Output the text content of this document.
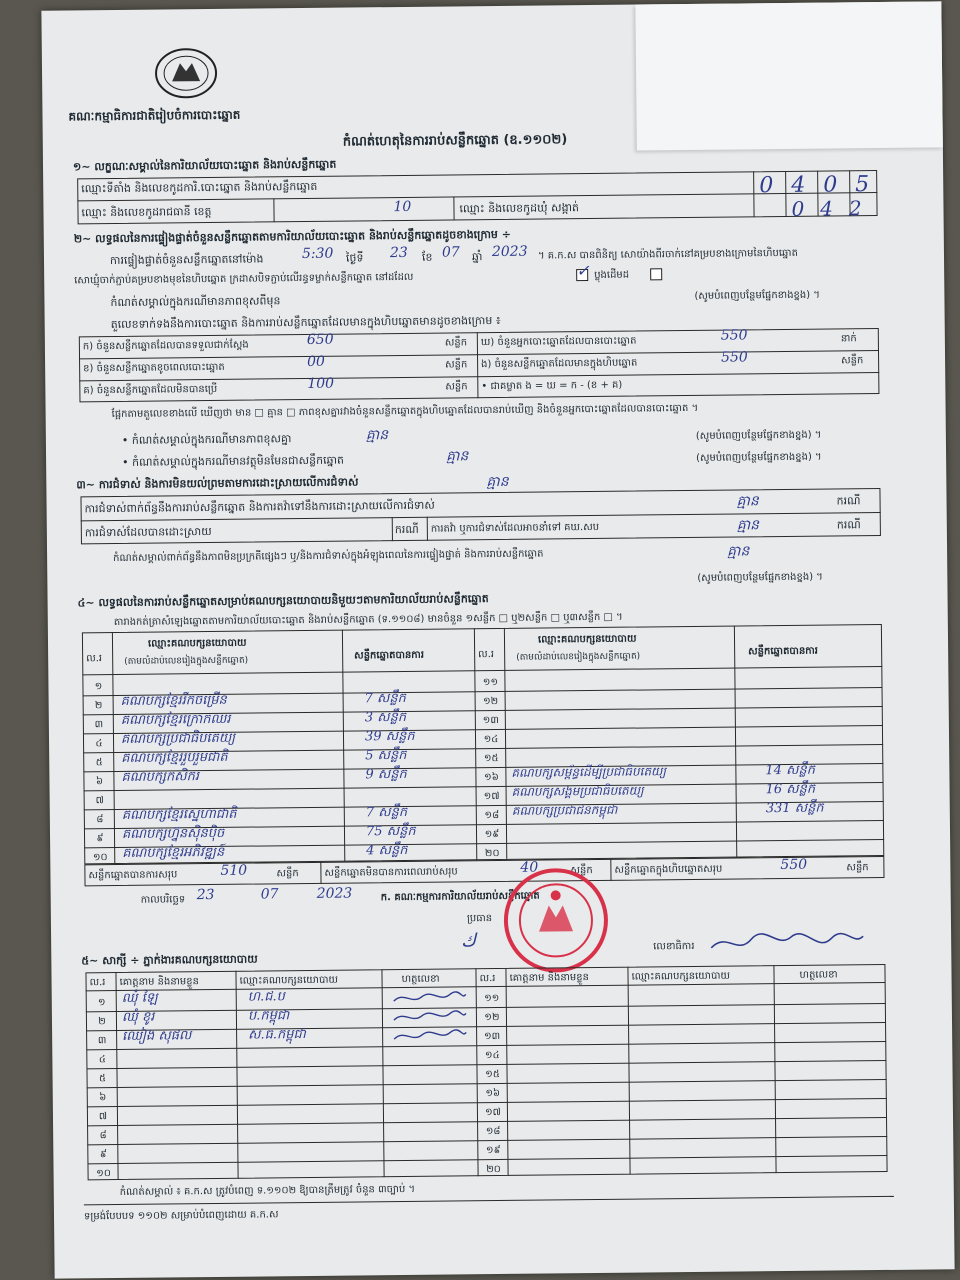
គណៈកម្មាធិការជាតិរៀបចំការបោះឆ្នោត
កំណត់ហេតុនៃការរាប់សន្លឹកឆ្នោត (ឧ.១១០២)
១~ លក្ខណៈសម្គាល់នៃការិយាល័យបោះឆ្នោត និងរាប់សន្លឹកឆ្នោត
ឈ្មោះទីតាំង និងលេខកូដការិ.បោះឆ្នោត និងរាប់សន្លឹកឆ្នោត
ឈ្មោះ និងលេខកូដរាជធានី ខេត្ត	10	ឈ្មោះ និងលេខកូដឃុំ សង្កាត់
0405
042
២~ លទ្ធផលនៃការផ្ទៀងផ្ទាត់ចំនួនសន្លឹកឆ្នោតតាមការិយាល័យបោះឆ្នោត និងរាប់សន្លឹកឆ្នោតដូចខាងក្រោម ÷
ការផ្ទៀងផ្ទាត់ចំនួនសន្លឹកឆ្នោតនៅម៉ោង	5:30 ថ្ងៃទី 23 ខែ 07 ឆ្នាំ 2023 ។ គ.ក.ស បានពិនិត្យ សោយ៉ាងពីរចាក់នៅគម្របខាងក្រោមនៃហិបឆ្នោត
សោឃ្មុំចាក់ភ្ជាប់គម្របខាងមុខនៃហិបឆ្នោត ក្រដាសបិទភ្ជាប់លើរន្ធទម្លាក់សន្លឹកឆ្នោត នៅដដែល	✓ ប្លុងដើមដ
កំណត់សម្គាល់ក្នុងករណីមានភាពខុសពីមុន	(សូមបំពេញបន្ថែមផ្នែកខាងខ្នង) ។
តួលេខទាក់ទងនឹងការបោះឆ្នោត និងការរាប់សន្លឹកឆ្នោតដែលមានក្នុងហិបឆ្នោតមានដូចខាងក្រោម ៖
ក) ចំនួនសន្លឹកឆ្នោតដែលបានទទួលជាក់ស្តែង	650	សន្លឹក ឃ) ចំនួនអ្នកបោះឆ្នោតដែលបានបោះឆ្នោត	550	នាក់
ខ) ចំនួនសន្លឹកឆ្នោតខូចពេលបោះឆ្នោត	00	សន្លឹក ង) ចំនួនសន្លឹកឆ្នោតដែលមានក្នុងហិបឆ្នោត	550	សន្លឹក
គ) ចំនួនសន្លឹកឆ្នោតដែលមិនបានប្រើ	100	សន្លឹក • ជាគម្លាត ង = ឃ = ក - (ខ + គ)
ផ្អែកតាមតួលេខខាងលើ ឃើញថា មាន □ គ្មាន □ ភាពខុសគ្នារវាងចំនួនសន្លឹកឆ្នោតក្នុងហិបឆ្នោតដែលបានរាប់ឃើញ និងចំនួនអ្នកបោះឆ្នោតដែលបានបោះឆ្នោត ។
• កំណត់សម្គាល់ក្នុងករណីមានភាពខុសគ្នា	គ្មាន	(សូមបំពេញបន្ថែមផ្នែកខាងខ្នង) ។
• កំណត់សម្គាល់ក្នុងករណីមានវត្ថុមិនមែនជាសន្លឹកឆ្នោត	គ្មាន	(សូមបំពេញបន្ថែមផ្នែកខាងខ្នង) ។
៣~ ការជំទាស់ និងការមិនយល់ព្រមតាមការដោះស្រាយលើការជំទាស់	គ្មាន
ការជំទាស់ពាក់ព័ន្ធនឹងការរាប់សន្លឹកឆ្នោត និងការតវ៉ាទៅនឹងការដោះស្រាយលើការជំទាស់	គ្មាន	ករណី
ការជំទាស់ដែលបានដោះស្រាយ	ករណី ការតវ៉ា ឬការជំទាស់ដែលអាចនាំទៅ គឃ.សប	គ្មាន	ករណី
កំណត់សម្គាល់ពាក់ព័ន្ធនឹងភាពមិនប្រក្រតីផ្សេងៗ ឬ/និងការជំទាស់ក្នុងអំឡុងពេលនៃការផ្ទៀងផ្ទាត់ និងការរាប់សន្លឹកឆ្នោត	គ្មាន
(សូមបំពេញបន្ថែមផ្នែកខាងខ្នង) ។
៤~ លទ្ធផលនៃការរាប់សន្លឹកឆ្នោតសម្រាប់គណបក្សនយោបាយនិមួយៗតាមការិយាល័យរាប់សន្លឹកឆ្នោត
តារាងកត់ត្រាសំឡេងឆ្នោតតាមការិយាល័យបោះឆ្នោត និងរាប់សន្លឹកឆ្នោត (ទ.១១០៨) មានចំនួន ១សន្លឹក □ ឬ២សន្លឹក □ ឬ៣សន្លឹក □ ។
ល.រ
ឈ្មោះគណបក្សនយោបាយ
(តាមលំដាប់លេខរៀងក្នុងសន្លឹកឆ្នោត)	សន្លឹកឆ្នោតបានការ	ល.រ
ឈ្មោះគណបក្សនយោបាយ
(តាមលំដាប់លេខរៀងក្នុងសន្លឹកឆ្នោត)	សន្លឹកឆ្នោតបានការ
១
២	គណបក្សខ្មែររីកចម្រើន	7 សន្លឹក
៣	គណបក្សខ្មែរក្រោកឈរ	3 សន្លឹក
៤	គណបក្សប្រជាធិបតេយ្យ	39 សន្លឹក
៥	គណបក្សខ្មែររួបរួមជាតិ	5 សន្លឹក
៦	គណបក្សកសិករ	9 សន្លឹក
៧
៨	គណបក្សខ្មែរស្នេហាជាតិ	7 សន្លឹក
៩	គណបក្សហ្វ៊ុនស៊ិនប៉ិច	75 សន្លឹក
១០	គណបក្សខ្មែរអភិវឌ្ឍន៍	4 សន្លឹក
១១
១២
១៣
១៤
១៥
១៦	គណបក្សសម្ព័ន្ធដើម្បីប្រជាធិបតេយ្យ	14 សន្លឹក
១៧ គណបក្សសង្គមប្រជាធិបតេយ្យ	16 សន្លឹក
១៨	គណបក្សប្រជាជនកម្ពុជា	331 សន្លឹក
១៩
២០
សន្លឹកឆ្នោតបានការសរុប	510	សន្លឹក	សន្លឹកឆ្នោតមិនបានការពេលរាប់សរុប	40	សន្លឹក សន្លឹកឆ្នោតក្នុងហិបឆ្នោតសរុប	550	សន្លឹក
កាលបរិច្ឆេទ 23	07	2023	ក. គណៈកម្មការការិយាល័យរាប់សន្លឹកឆ្នោត
ប្រធាន
ﻙ	លេខាធិការ
៥~ សាក្សី ÷ ភ្នាក់ងារគណបក្សនយោបាយ
ល.រ គោត្តនាម និងនាមខ្លួន	ឈ្មោះគណបក្សនយោបាយ	ហត្ថលេខា	ល.រ គោត្តនាម និងនាមខ្លួន	ឈ្មោះគណបក្សនយោបាយ	ហត្ថលេខា
១	ឈុំ ឡៃ	ហ.ជ.ប
២	ឈុំ ខូរ	ប.កម្ពុជា
៣	ឈៀង សុផល	ស.ធ.កម្ពុជា
៤
៥
៦
៧
៨
៩
១០
១១
១២
១៣
១៤
១៥
១៦
១៧
១៨
១៩
២០
កំណត់សម្គាល់ ៖ គ.ក.ស ត្រូវបំពេញ ទ.១១០២ ឱ្យបានត្រឹមត្រូវ ចំនួន ៣ច្បាប់ ។
ទម្រង់បែបបទ ១១០២ សម្រាប់បំពេញដោយ គ.ក.ស
